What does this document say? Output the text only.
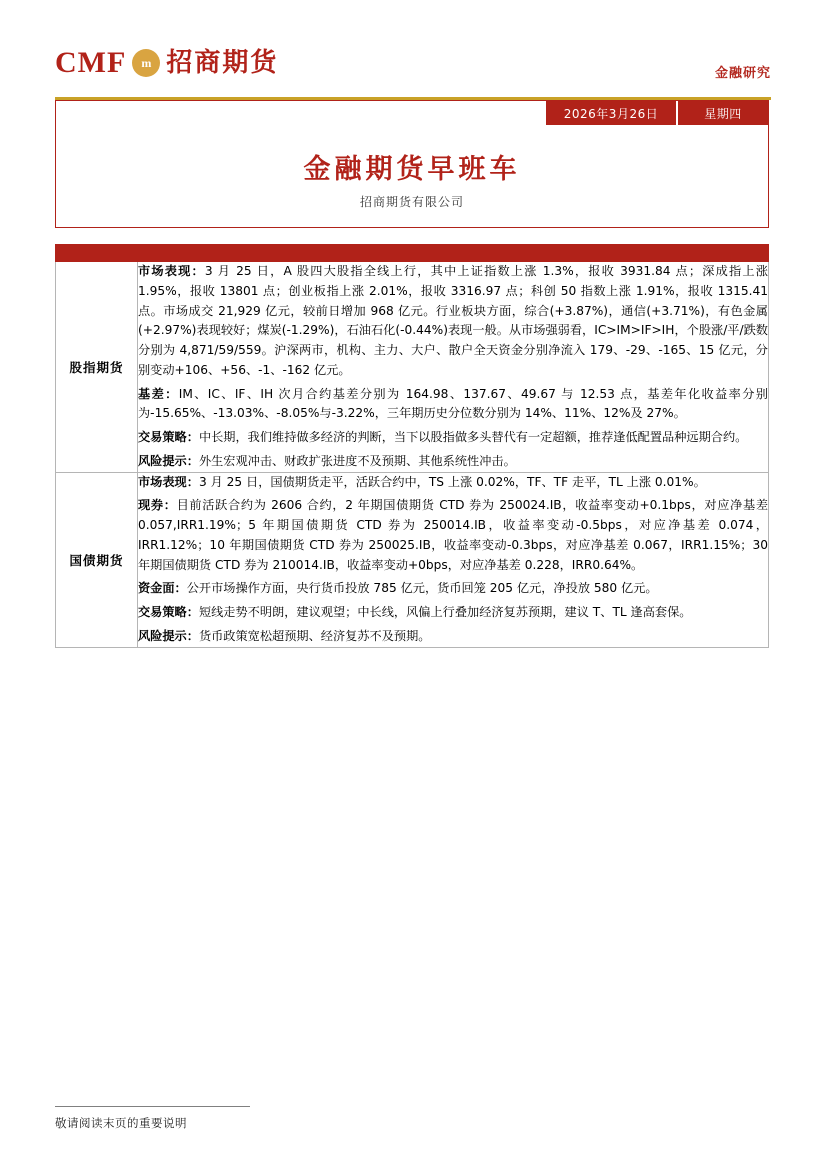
CMF	m 招商期货	金融研究
2026年3月26日	星期四
金融期货早班车
招商期货有限公司

股指期货	市场表现：3 月 25 日，A 股四大股指全线上行，其中上证指数上涨 1.3%，报收 3931.84 点；深成指上涨 1.95%，报收 13801 点；创业板指上涨 2.01%，报收 3316.97 点；科创 50 指数上涨 1.91%，报收 1315.41 点。市场成交 21,929 亿元，较前日增加 968 亿元。行业板块方面，综合(+3.87%)，通信(+3.71%)，有色金属(+2.97%)表现较好；煤炭(-1.29%)，石油石化(-0.44%)表现一般。从市场强弱看，IC>IM>IF>IH，个股涨/平/跌数分别为 4,871/59/559。沪深两市，机构、主力、大户、散户全天资金分别净流入 179、-29、-165、15 亿元，分别变动+106、+56、-1、-162 亿元。

基差：IM、IC、IF、IH 次月合约基差分别为 164.98、137.67、49.67 与 12.53 点，基差年化收益率分别为-15.65%、-13.03%、-8.05%与-3.22%，三年期历史分位数分别为 14%、11%、12%及 27%。

交易策略：中长期，我们维持做多经济的判断，当下以股指做多头替代有一定超额，推荐逢低配置品种远期合约。

风险提示：外生宏观冲击、财政扩张进度不及预期、其他系统性冲击。

国债期货	市场表现：3 月 25 日，国债期货走平，活跃合约中，TS 上涨 0.02%，TF、TF 走平，TL 上涨 0.01%。

现券：目前活跃合约为 2606 合约，2 年期国债期货 CTD 券为 250024.IB，收益率变动+0.1bps，对应净基差 0.057,IRR1.19%；5 年期国债期货 CTD 券为 250014.IB，收益率变动-0.5bps，对应净基差 0.074，IRR1.12%；10 年期国债期货 CTD 券为 250025.IB，收益率变动-0.3bps，对应净基差 0.067，IRR1.15%；30 年期国债期货 CTD 券为 210014.IB，收益率变动+0bps，对应净基差 0.228，IRR0.64%。

资金面：公开市场操作方面，央行货币投放 785 亿元，货币回笼 205 亿元，净投放 580 亿元。

交易策略：短线走势不明朗，建议观望；中长线，风偏上行叠加经济复苏预期，建议 T、TL 逢高套保。

风险提示：货币政策宽松超预期、经济复苏不及预期。

敬请阅读末页的重要说明
